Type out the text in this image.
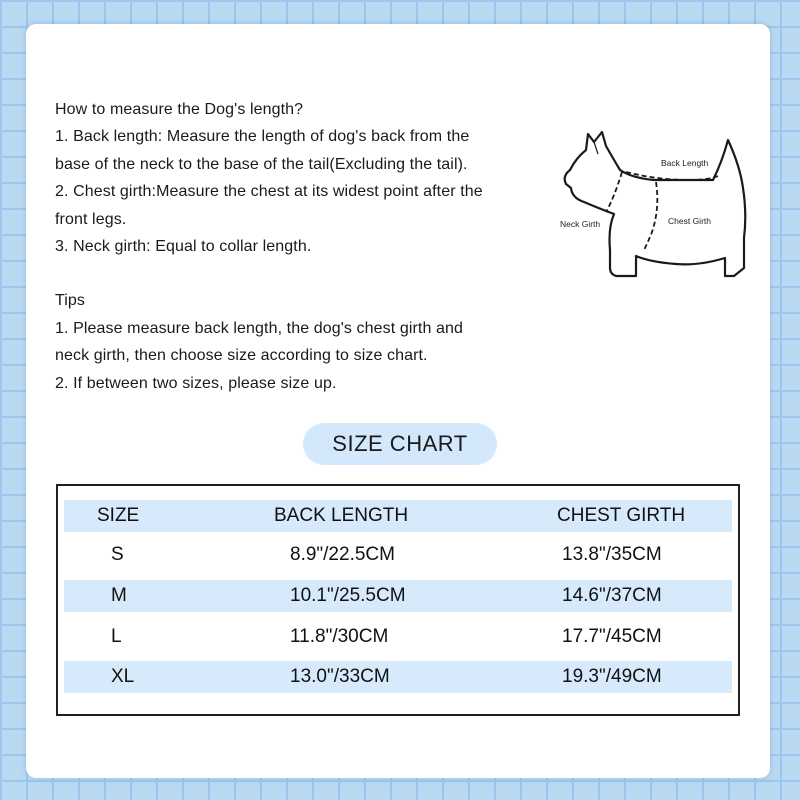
How to measure the Dog's length?
1. Back length: Measure the length of dog's back from the
base of the neck to the base of the tail(Excluding the tail).
2. Chest girth:Measure the chest at its widest point after the
front legs.
3. Neck girth: Equal to collar length.
Tips
1. Please measure back length, the dog's chest girth and
neck girth, then choose size according to size chart.
2. If between two sizes, please size up.
Back Length
Neck Girth	Chest Girth
SIZE CHART
SIZE	BACK LENGTH	CHEST GIRTH
S	8.9"/22.5CM	13.8"/35CM
M	10.1"/25.5CM	14.6"/37CM
L	11.8"/30CM	17.7"/45CM
XL	13.0"/33CM	19.3"/49CM
